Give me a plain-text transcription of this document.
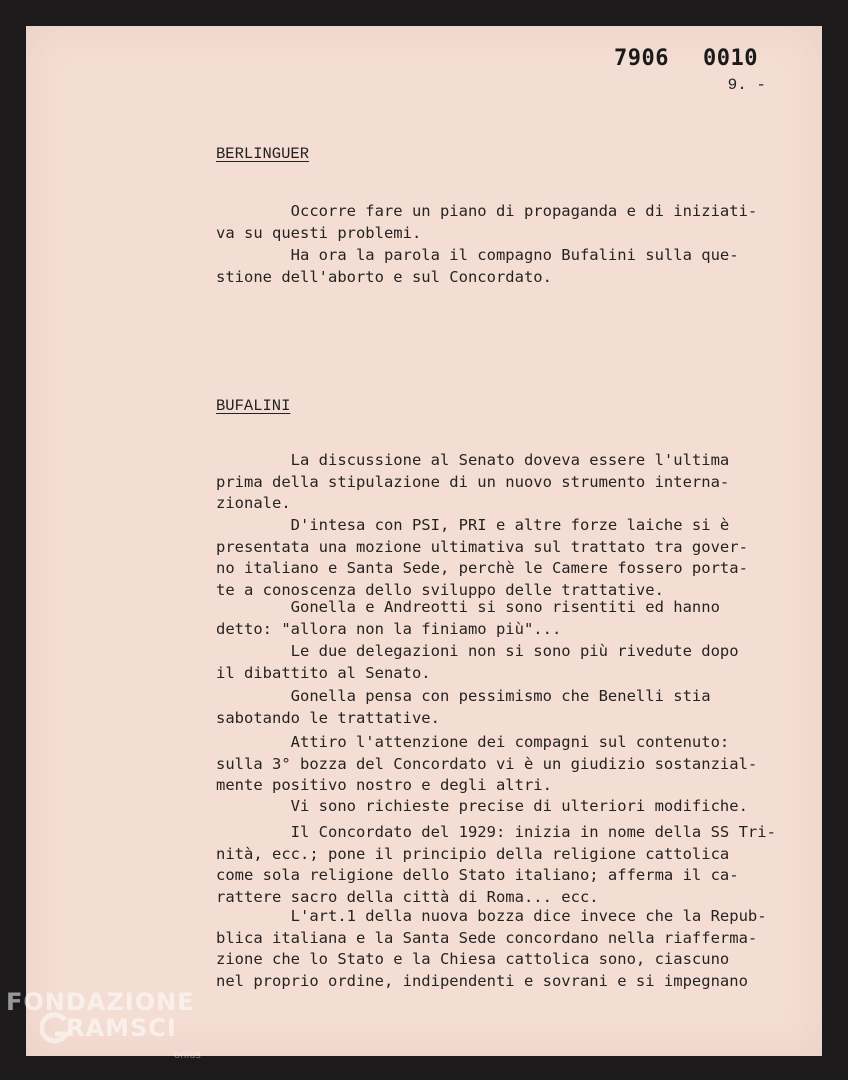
7906 0010
9. -
BERLINGUER
Occorre fare un piano di propaganda e di iniziati-
va su questi problemi.
Ha ora la parola il compagno Bufalini sulla que-
stione dell'aborto e sul Concordato.
BUFALINI
La discussione al Senato doveva essere l'ultima
prima della stipulazione di un nuovo strumento interna-
zionale.
D'intesa con PSI, PRI e altre forze laiche si è
presentata una mozione ultimativa sul trattato tra gover-
no italiano e Santa Sede, perchè le Camere fossero porta-
te a conoscenza dello sviluppo delle trattative.
Gonella e Andreotti si sono risentiti ed hanno
detto: "allora non la finiamo più"...
Le due delegazioni non si sono più rivedute dopo
il dibattito al Senato.
Gonella pensa con pessimismo che Benelli stia
sabotando le trattative.
Attiro l'attenzione dei compagni sul contenuto:
sulla 3° bozza del Concordato vi è un giudizio sostanzial-
mente positivo nostro e degli altri.
Vi sono richieste precise di ulteriori modifiche.
Il Concordato del 1929: inizia in nome della SS Tri-
nità, ecc.; pone il principio della religione cattolica
come sola religione dello Stato italiano; afferma il ca-
rattere sacro della città di Roma... ecc.
L'art.1 della nuova bozza dice invece che la Repub-
blica italiana e la Santa Sede concordano nella riafferma-
zione che lo Stato e la Chiesa cattolica sono, ciascuno
nel proprio ordine, indipendenti e sovrani e si impegnano
FONDAZIONE
RAMSCI
onlus
